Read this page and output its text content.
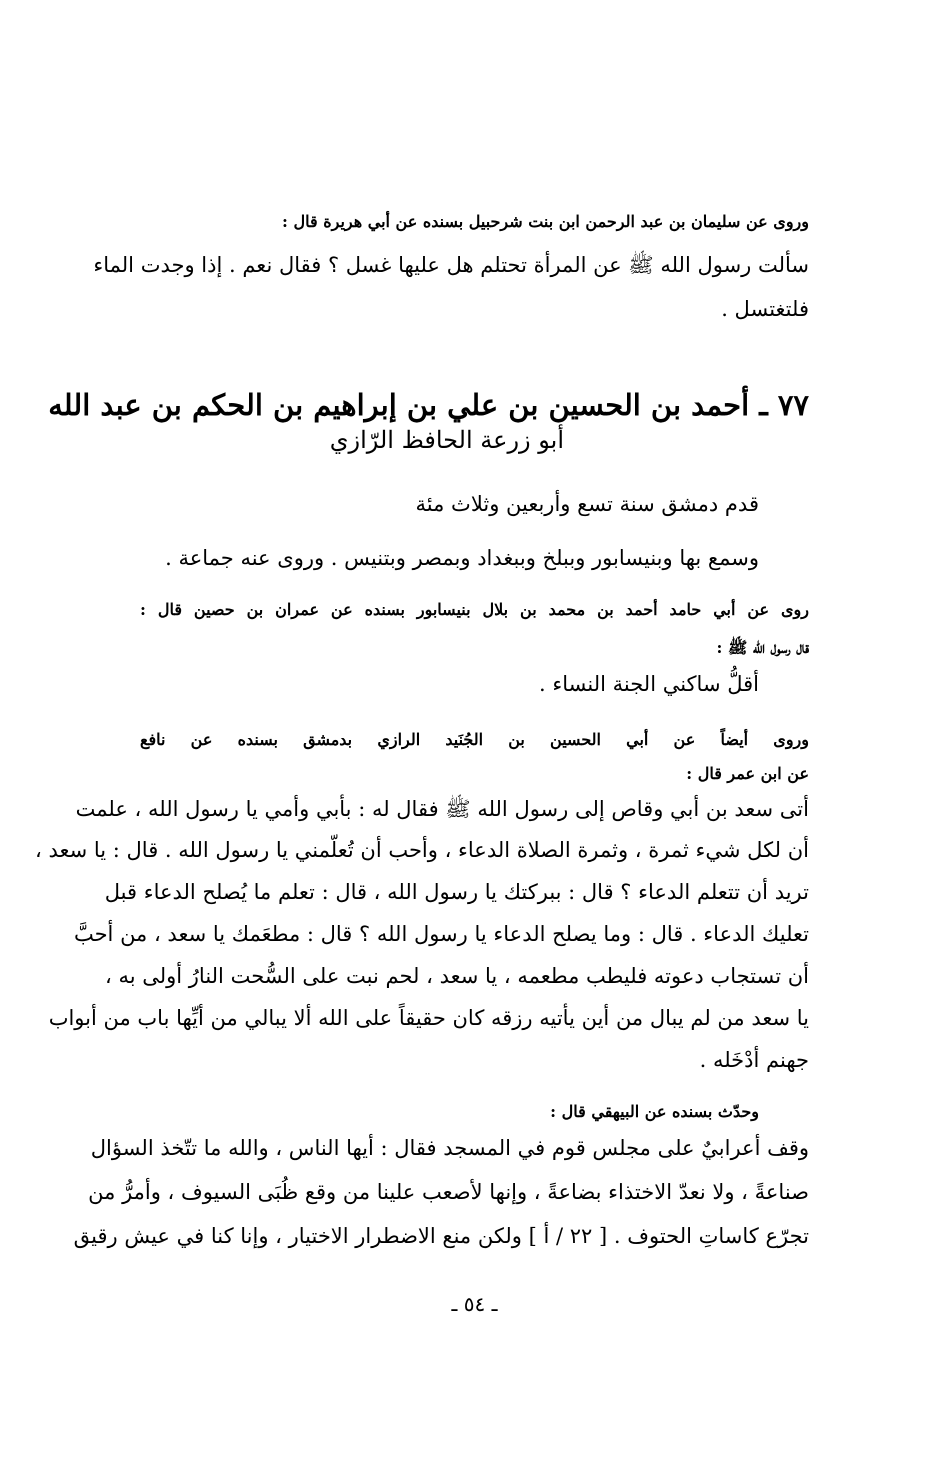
وروى عن سليمان بن عبد الرحمن ابن بنت شرحبيل بسنده عن أبي هريرة قال :
سألت رسول الله ﷺ عن المرأة تحتلم هل عليها غسل ؟ فقال نعم . إذا وجدت الماء
فلتغتسل .
٧٧ ـ أحمد بن الحسين بن علي بن إبراهيم بن الحكم بن عبد الله
أبو زرعة الحافظ الرّازي
قدم دمشق سنة تسع وأربعين وثلاث مئة
وسمع بها وبنيسابور وببلخ وببغداد وبمصر وبتنيس . وروى عنه جماعة .
روى عن أبي حامد أحمد بن محمد بن بلال بنيسابور بسنده عن عمران بن حصين قال :
قال رسول الله ﷺ :
أقلُّ ساكني الجنة النساء .
وروى أيضاً عن أبي الحسين بن الجُنَيد الرازي بدمشق بسنده عن نافع
عن ابن عمر قال :
أتى سعد بن أبي وقاص إلى رسول الله ﷺ فقال له : بأبي وأمي يا رسول الله ، علمت
أن لكل شيء ثمرة ، وثمرة الصلاة الدعاء ، وأحب أن تُعلّمني يا رسول الله . قال : يا سعد ،
تريد أن تتعلم الدعاء ؟ قال : ببركتك يا رسول الله ، قال : تعلم ما يُصلح الدعاء قبل
تعليك الدعاء . قال : وما يصلح الدعاء يا رسول الله ؟ قال : مطعَمك يا سعد ، من أحبَّ
أن تستجاب دعوته فليطب مطعمه ، يا سعد ، لحم نبت على السُّحت النارُ أولى به ،
يا سعد من لم يبال من أين يأتيه رزقه كان حقيقاً على الله ألا يبالي من أيِّها باب من أبواب
جهنم أدْخَله .
وحدّث بسنده عن البيهقي قال :
وقف أعرابيٌ على مجلس قوم في المسجد فقال : أيها الناس ، والله ما تتّخذ السؤال
صناعةً ، ولا نعدّ الاختذاء بضاعةً ، وإنها لأصعب علينا من وقع ظُبَى السيوف ، وأمرُّ من
تجرّع كاساتِ الحتوف . [ ٢٢ / أ ] ولكن منع الاضطرار الاختيار ، وإنا كنا في عيش رقيق
ـ ٥٤ ـ
